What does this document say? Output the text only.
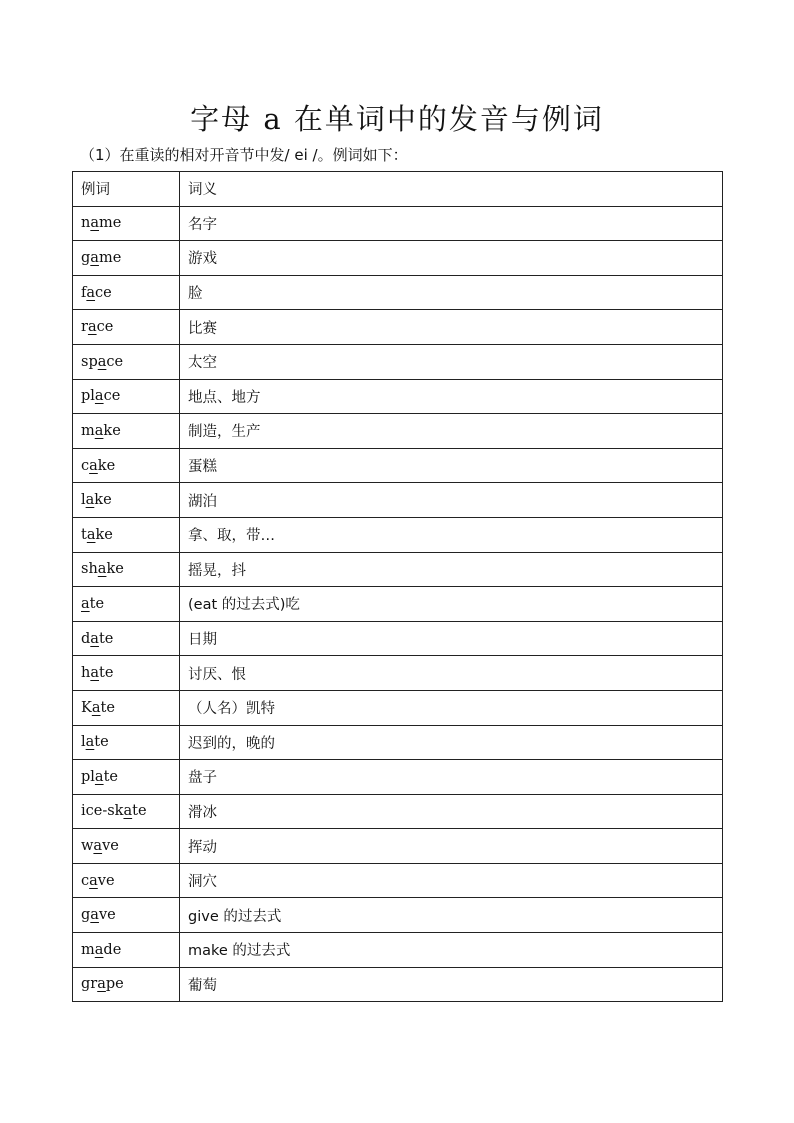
字母 a 在单词中的发音与例词
（1）在重读的相对开音节中发/ ei /。例词如下：
例词	词义
name	名字
game	游戏
face	脸
race	比赛
space	太空
place	地点、地方
make	制造，生产
cake	蛋糕
lake	湖泊
take	拿、取，带…
shake	摇晃，抖
ate	(eat 的过去式)吃
date	日期
hate	讨厌、恨
Kate	（人名）凯特
late	迟到的，晚的
plate	盘子
ice-skate	滑冰
wave	挥动
cave	洞穴
gave	give 的过去式
made	make 的过去式
grape	葡萄
